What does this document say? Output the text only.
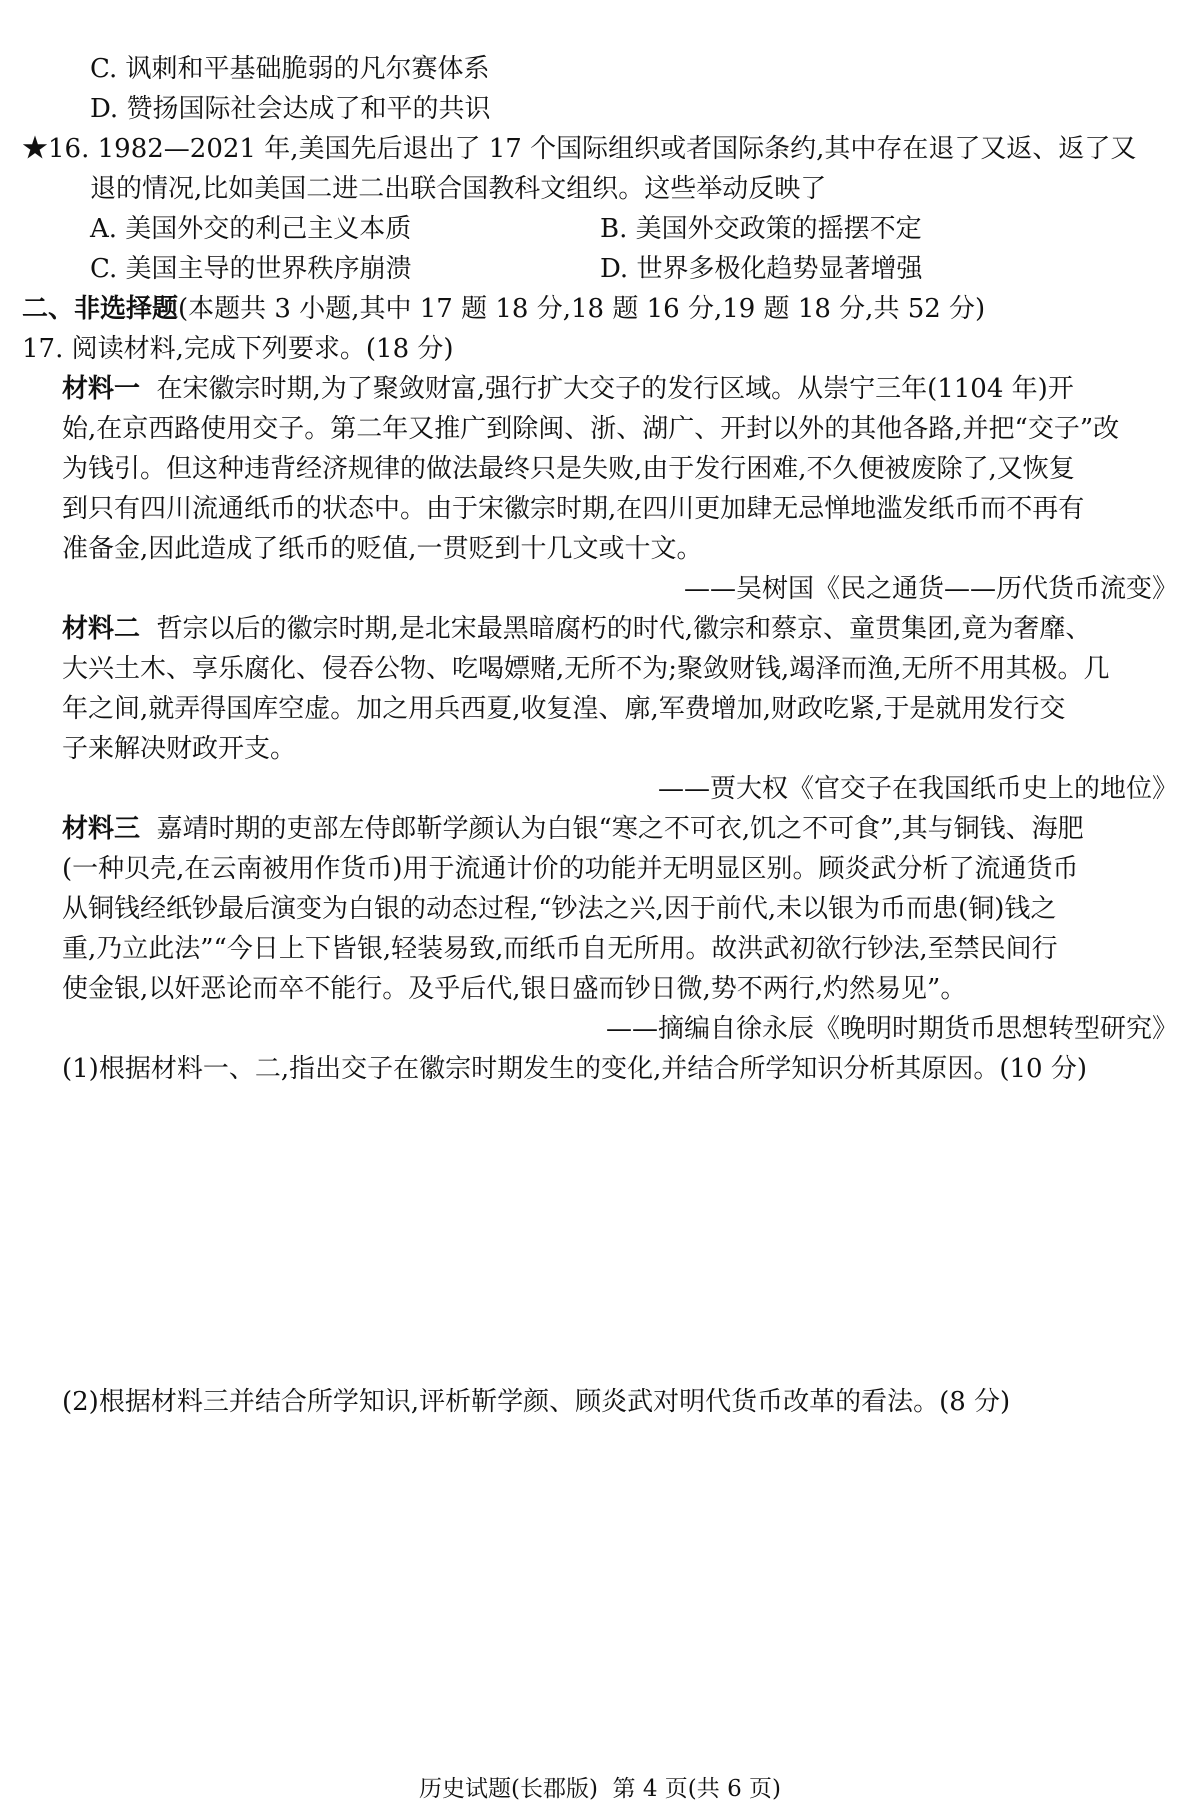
C. 讽刺和平基础脆弱的凡尔赛体系
D. 赞扬国际社会达成了和平的共识
★16. 1982—2021 年,美国先后退出了 17 个国际组织或者国际条约,其中存在退了又返、返了又
退的情况,比如美国二进二出联合国教科文组织。这些举动反映了
A. 美国外交的利己主义本质	B. 美国外交政策的摇摆不定
C. 美国主导的世界秩序崩溃	D. 世界多极化趋势显著增强
二、非选择题(本题共 3 小题,其中 17 题 18 分,18 题 16 分,19 题 18 分,共 52 分)
17. 阅读材料,完成下列要求。(18 分)
材料一 在宋徽宗时期,为了聚敛财富,强行扩大交子的发行区域。从崇宁三年(1104 年)开
始,在京西路使用交子。第二年又推广到除闽、浙、湖广、开封以外的其他各路,并把“交子”改
为钱引。但这种违背经济规律的做法最终只是失败,由于发行困难,不久便被废除了,又恢复
到只有四川流通纸币的状态中。由于宋徽宗时期,在四川更加肆无忌惮地滥发纸币而不再有
准备金,因此造成了纸币的贬值,一贯贬到十几文或十文。
——吴树国《民之通货——历代货币流变》
材料二 哲宗以后的徽宗时期,是北宋最黑暗腐朽的时代,徽宗和蔡京、童贯集团,竟为奢靡、
大兴土木、享乐腐化、侵吞公物、吃喝嫖赌,无所不为;聚敛财钱,竭泽而渔,无所不用其极。几
年之间,就弄得国库空虚。加之用兵西夏,收复湟、廓,军费增加,财政吃紧,于是就用发行交
子来解决财政开支。
——贾大权《官交子在我国纸币史上的地位》
材料三 嘉靖时期的吏部左侍郎靳学颜认为白银“寒之不可衣,饥之不可食”,其与铜钱、海肥
(一种贝壳,在云南被用作货币)用于流通计价的功能并无明显区别。顾炎武分析了流通货币
从铜钱经纸钞最后演变为白银的动态过程,“钞法之兴,因于前代,未以银为币而患(铜)钱之
重,乃立此法”“今日上下皆银,轻装易致,而纸币自无所用。故洪武初欲行钞法,至禁民间行
使金银,以奸恶论而卒不能行。及乎后代,银日盛而钞日微,势不两行,灼然易见”。
——摘编自徐永辰《晚明时期货币思想转型研究》
(1)根据材料一、二,指出交子在徽宗时期发生的变化,并结合所学知识分析其原因。(10 分)
(2)根据材料三并结合所学知识,评析靳学颜、顾炎武对明代货币改革的看法。(8 分)
历史试题(长郡版)  第 4 页(共 6 页)
